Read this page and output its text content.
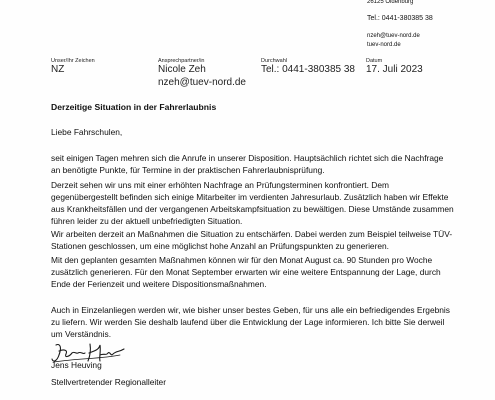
26125 Oldenburg
Tel.: 0441-380385 38
nzeh@tuev-nord.de
tuev-nord.de
Unser/Ihr Zeichen
NZ
Ansprechpartner/in
Nicole Zeh
nzeh@tuev-nord.de
Durchwahl
Tel.: 0441-380385 38
Datum
17. Juli 2023
Derzeitige Situation in der Fahrerlaubnis
Liebe Fahrschulen,

seit einigen Tagen mehren sich die Anrufe in unserer Disposition. Hauptsächlich richtet sich die Nachfrage

an benötigte Punkte, für Termine in der praktischen Fahrerlaubnisprüfung.

Derzeit sehen wir uns mit einer erhöhten Nachfrage an Prüfungsterminen konfrontiert. Dem

gegenübergestellt befinden sich einige Mitarbeiter im verdienten Jahresurlaub. Zusätzlich haben wir Effekte

aus Krankheitsfällen und der vergangenen Arbeitskampfsituation zu bewältigen. Diese Umstände zusammen

führen leider zu der aktuell unbefriedigten Situation.

Wir arbeiten derzeit an Maßnahmen die Situation zu entschärfen. Dabei werden zum Beispiel teilweise TÜV-

Stationen geschlossen, um eine möglichst hohe Anzahl an Prüfungspunkten zu generieren.

Mit den geplanten gesamten Maßnahmen können wir für den Monat August ca. 90 Stunden pro Woche

zusätzlich generieren. Für den Monat September erwarten wir eine weitere Entspannung der Lage, durch

Ende der Ferienzeit und weitere Dispositionsmaßnahmen.

Auch in Einzelanliegen werden wir, wie bisher unser bestes Geben, für uns alle ein befriedigendes Ergebnis

zu liefern. Wir werden Sie deshalb laufend über die Entwicklung der Lage informieren. Ich bitte Sie derweil

um Verständnis.

Jens Heuving
Stellvertretender Regionalleiter
